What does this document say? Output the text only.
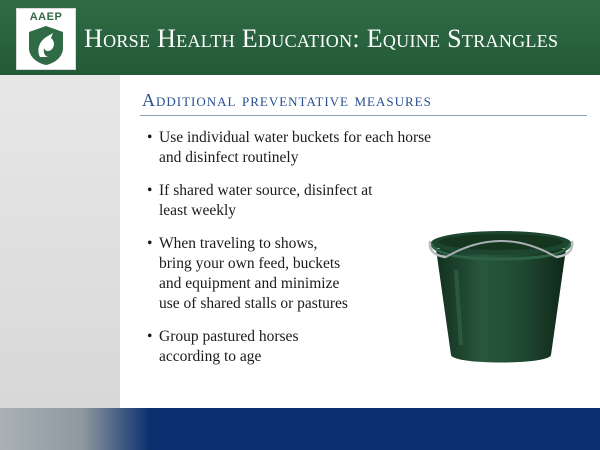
AAEP
Horse Health Education: Equine Strangles
Additional preventative measures
• Use individual water buckets for each horse
and disinfect routinely
• If shared water source, disinfect at
least weekly
• When traveling to shows,
bring your own feed, buckets
and equipment and minimize
use of shared stalls or pastures
• Group pastured horses
according to age
